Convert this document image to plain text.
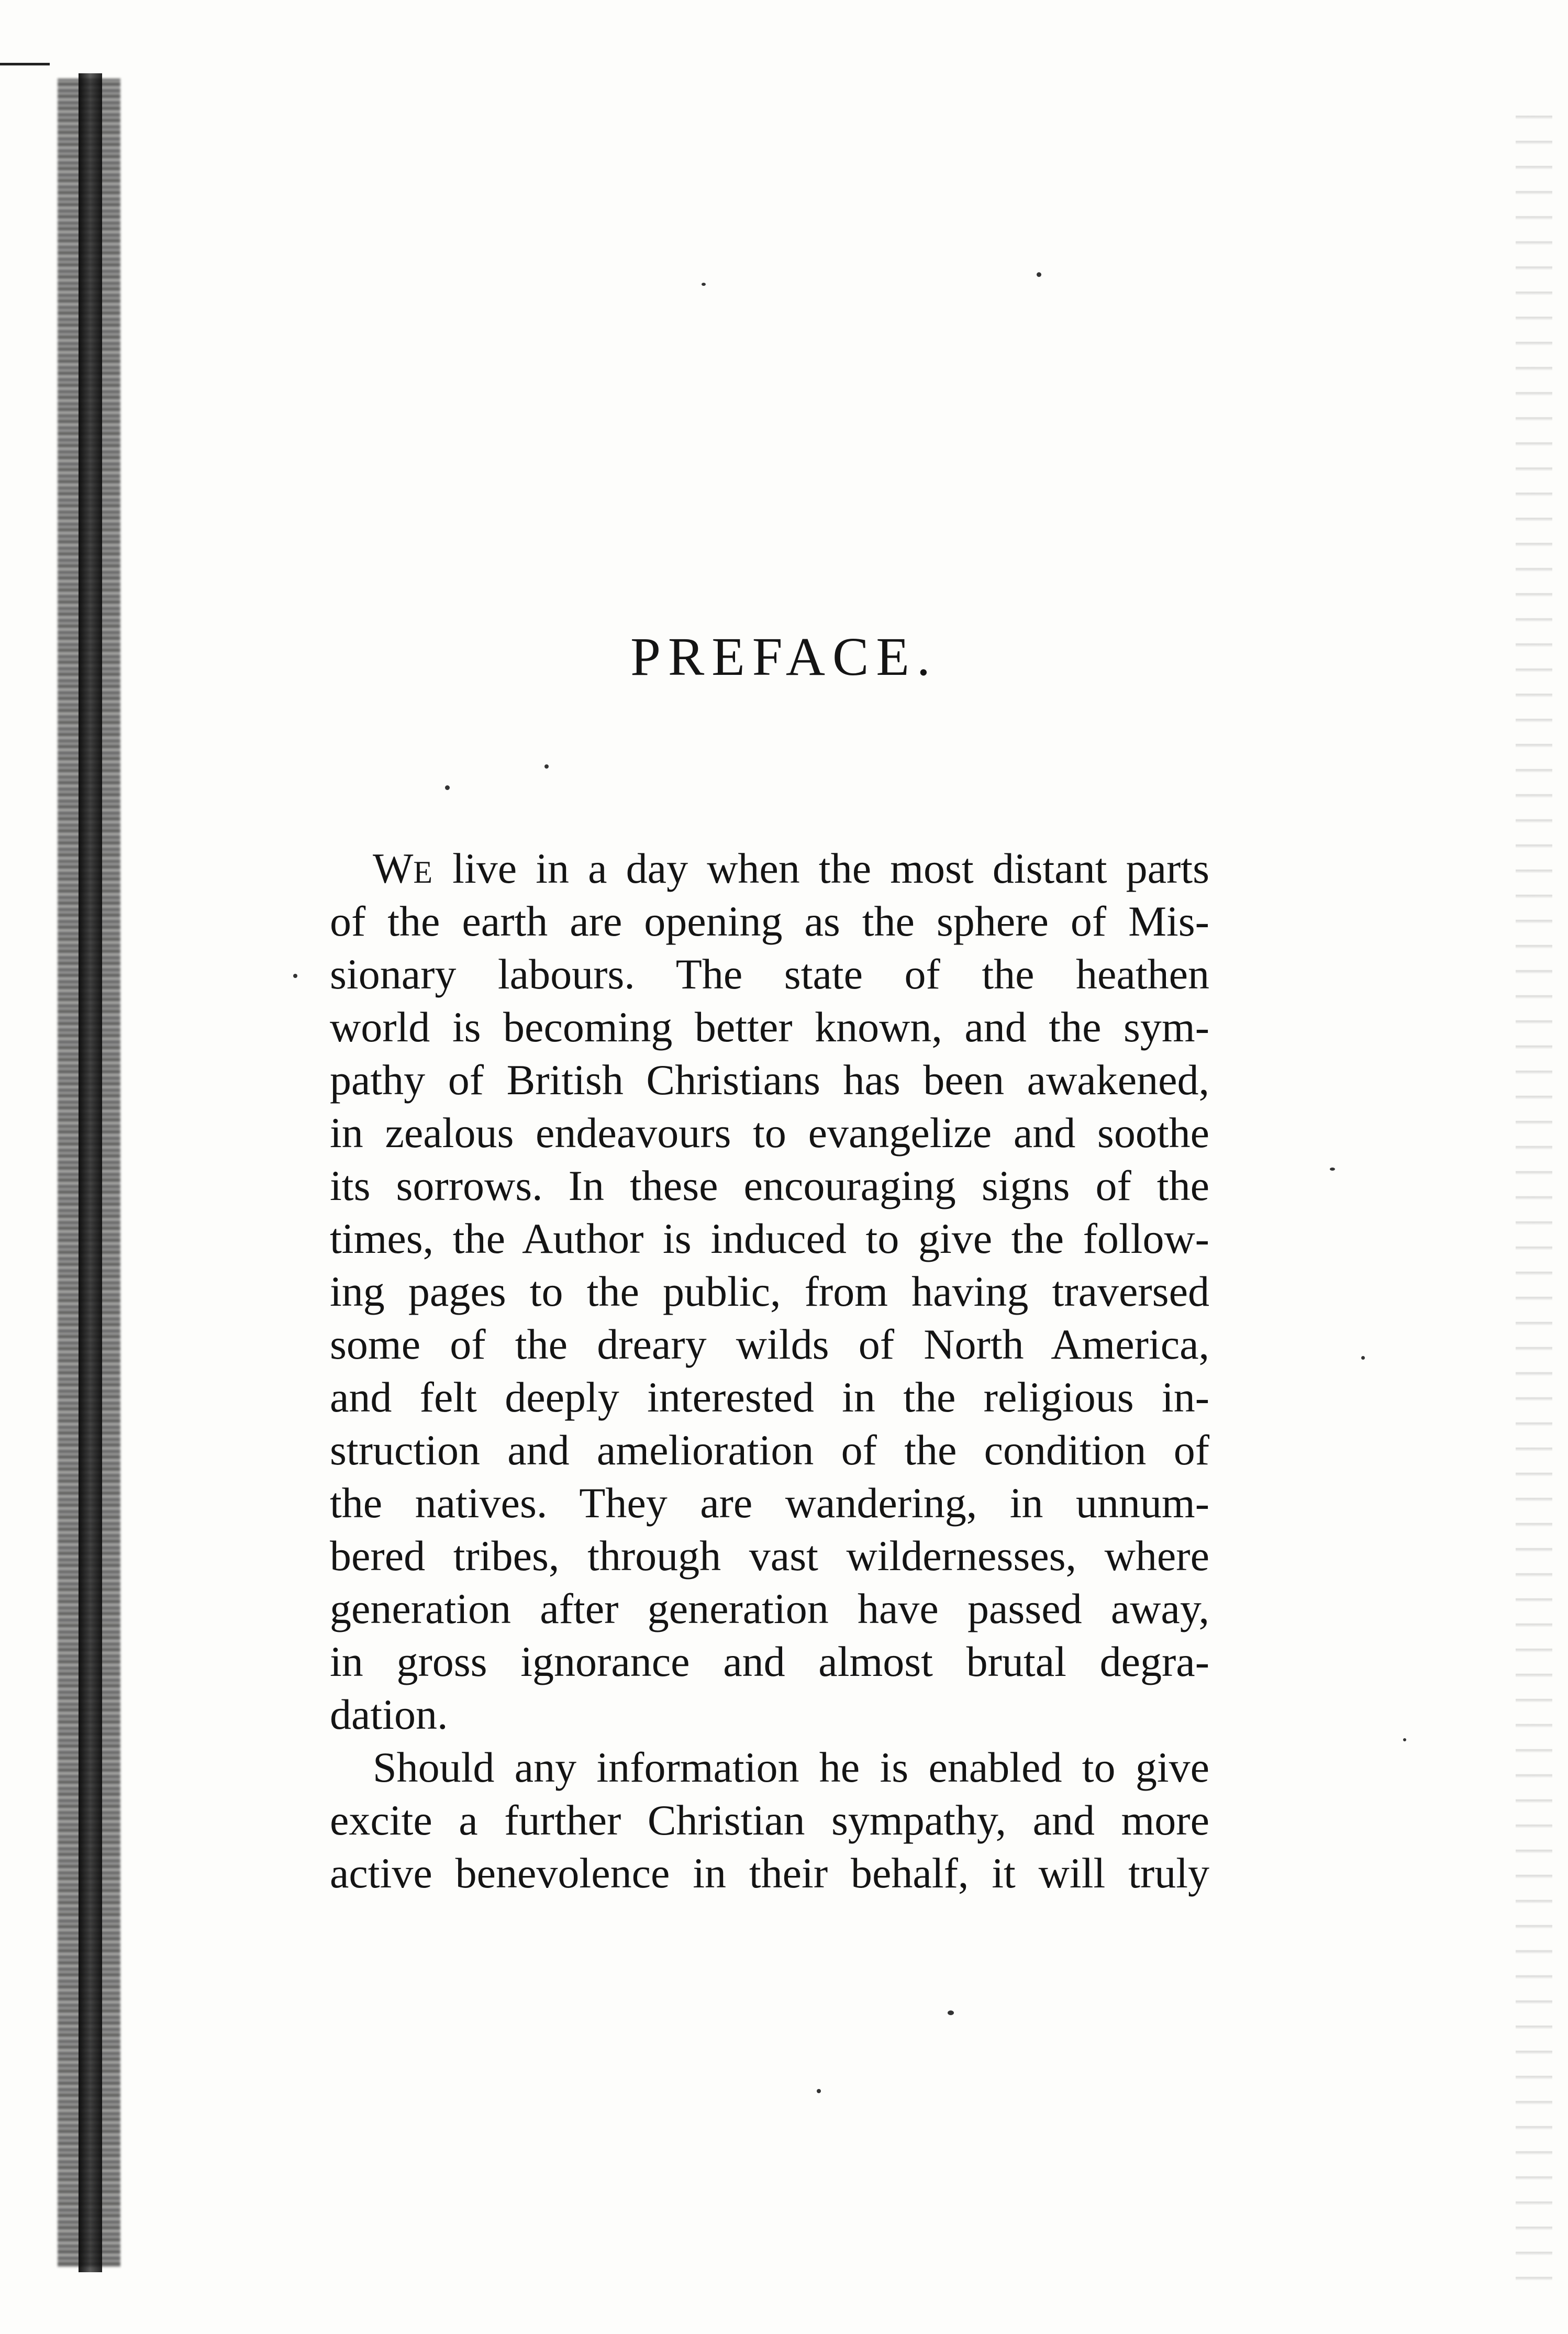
PREFACE.
WE live in a day when the most distant parts
of the earth are opening as the sphere of Mis-
sionary labours. The state of the heathen
world is becoming better known, and the sym-
pathy of British Christians has been awakened,
in zealous endeavours to evangelize and soothe
its sorrows. In these encouraging signs of the
times, the Author is induced to give the follow-
ing pages to the public, from having traversed
some of the dreary wilds of North America,
and felt deeply interested in the religious in-
struction and amelioration of the condition of
the natives. They are wandering, in unnum-
bered tribes, through vast wildernesses, where
generation after generation have passed away,
in gross ignorance and almost brutal degra-
dation.
Should any information he is enabled to give
excite a further Christian sympathy, and more
active benevolence in their behalf, it will truly
